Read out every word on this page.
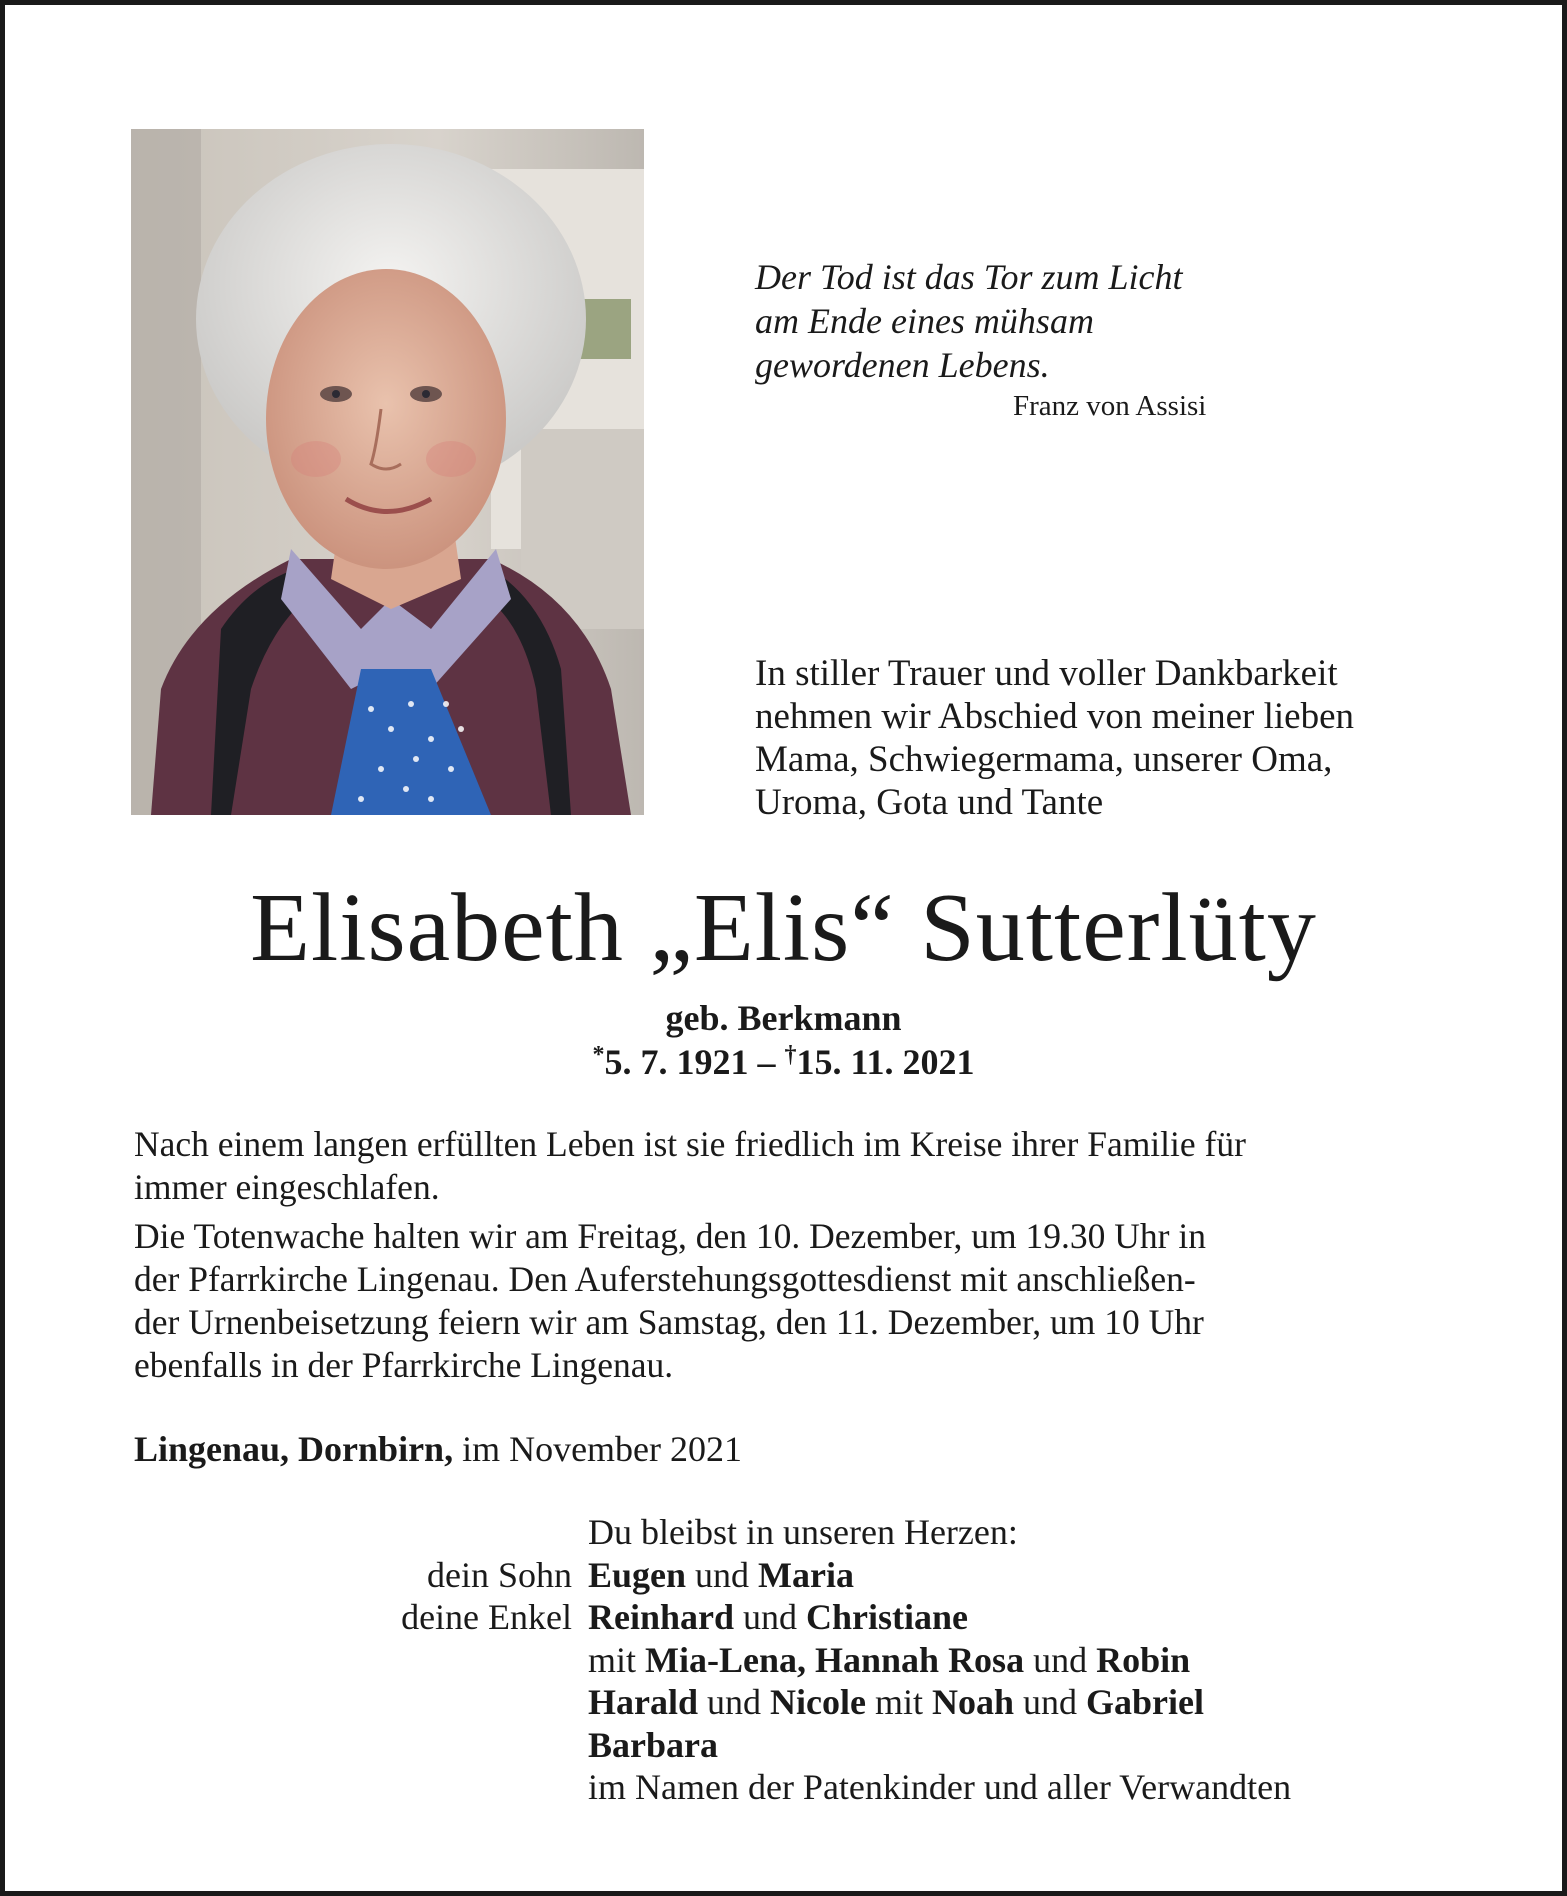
Der Tod ist das Tor zum Licht
am Ende eines mühsam
gewordenen Lebens.
Franz von Assisi
In stiller Trauer und voller Dankbarkeit
nehmen wir Abschied von meiner lieben
Mama, Schwiegermama, unserer Oma,
Uroma, Gota und Tante
Elisabeth „Elis“ Sutterlüty
geb. Berkmann
*5. 7. 1921 – †15. 11. 2021
Nach einem langen erfüllten Leben ist sie friedlich im Kreise ihrer Familie für
immer eingeschlafen.
Die Totenwache halten wir am Freitag, den 10. Dezember, um 19.30 Uhr in
der Pfarrkirche Lingenau. Den Auferstehungsgottesdienst mit anschließen-
der Urnenbeisetzung feiern wir am Samstag, den 11. Dezember, um 10 Uhr
ebenfalls in der Pfarrkirche Lingenau.
Lingenau, Dornbirn, im November 2021
Du bleibst in unseren Herzen:
dein Sohn Eugen und Maria
deine Enkel Reinhard und Christiane
mit Mia-Lena, Hannah Rosa und Robin
Harald und Nicole mit Noah und Gabriel
Barbara
im Namen der Patenkinder und aller Verwandten
